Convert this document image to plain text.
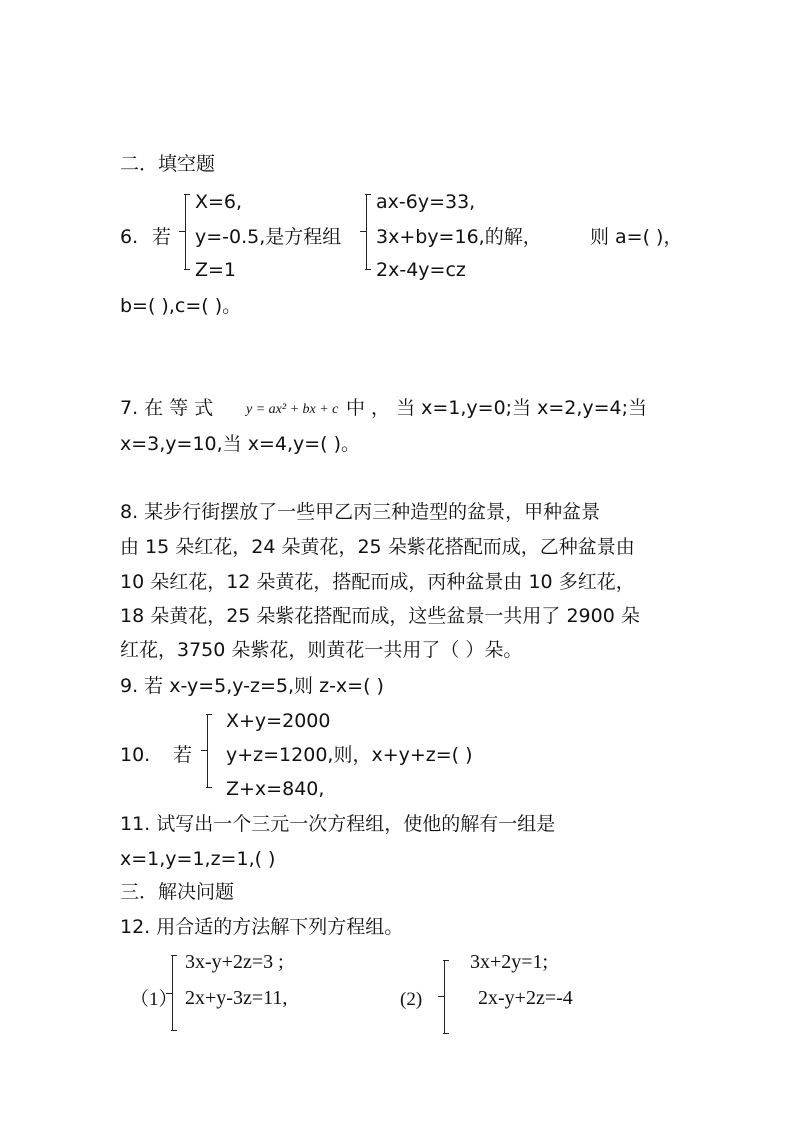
二．填空题
6. 若
X=6,
y=-0.5,是方程组
Z=1
ax-6y=33,
3x+by=16,的解，
2x-4y=cz
则 a=( )，
b=( ),c=( )。
7. 在 等 式 y = ax² + bx + c 中 ， 当 x=1,y=0;当 x=2,y=4;当
x=3,y=10,当 x=4,y=( )。
8. 某步行街摆放了一些甲乙丙三种造型的盆景，甲种盆景
由 15 朵红花，24 朵黄花，25 朵紫花搭配而成，乙种盆景由
10 朵红花，12 朵黄花，搭配而成，丙种盆景由 10 多红花，
18 朵黄花，25 朵紫花搭配而成，这些盆景一共用了 2900 朵
红花，3750 朵紫花，则黄花一共用了（ ）朵。
9. 若 x-y=5,y-z=5,则 z-x=( )
10. 若
X+y=2000
y+z=1200,则，x+y+z=( )
Z+x=840,
11. 试写出一个三元一次方程组，使他的解有一组是
x=1,y=1,z=1,( )
三．解决问题
12. 用合适的方法解下列方程组。
（1）
3x-y+2z=3 ;
2x+y-3z=11,	(2)
3x+2y=1;
2x-y+2z=-4
